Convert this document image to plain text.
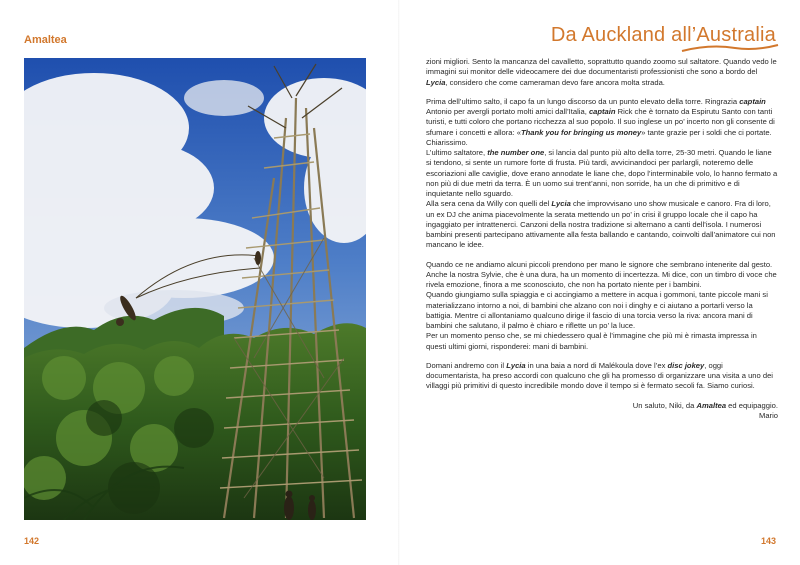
Amaltea
142
Da Auckland all’Australia
143

zioni migliori. Sento la mancanza del cavalletto, soprattutto quando zoomo sul saltatore. Quando vedo le immagini sui monitor delle videocamere dei due documentaristi professionisti che sono a bordo del Lycia, considero che come cameraman devo fare ancora molta strada.

Prima dell’ultimo salto, il capo fa un lungo discorso da un punto elevato della torre. Ringrazia captain Antonio per avergli portato molti amici dall’Italia, captain Rick che è tornato da Espirutu Santo con tanti turisti, e tutti coloro che portano ricchezza al suo popolo. Il suo inglese un po’ incerto non gli consente di sfumare i concetti e allora: «Thank you for bringing us money» tante grazie per i soldi che ci portate. Chiarissimo.

L’ultimo saltatore, the number one, si lancia dal punto più alto della torre, 25-30 metri. Quando le liane si tendono, si sente un rumore forte di frusta. Più tardi, avvicinandoci per parlargli, noteremo delle escoriazioni alle caviglie, dove erano annodate le liane che, dopo l’interminabile volo, lo hanno fermato a non più di due metri da terra. È un uomo sui trent’anni, non sorride, ha un che di primitivo e di inquietante nello sguardo.

Alla sera cena da Willy con quelli del Lycia che improvvisano uno show musicale e canoro. Fra di loro, un ex DJ che anima piacevolmente la serata mettendo un po’ in crisi il gruppo locale che il capo ha ingaggiato per intrattenerci. Canzoni della nostra tradizione si alternano a canti dell’isola. I numerosi bambini presenti partecipano attivamente alla festa ballando e cantando, coinvolti dall’animatore cui non mancano le idee.

Quando ce ne andiamo alcuni piccoli prendono per mano le signore che sembrano intenerite dal gesto. Anche la nostra Sylvie, che è una dura, ha un momento di incertezza. Mi dice, con un timbro di voce che rivela emozione, finora a me sconosciuto, che non ha portato niente per i bambini.

Quando giungiamo sulla spiaggia e ci accingiamo a mettere in acqua i gommoni, tante piccole mani si materializzano intorno a noi, di bambini che alzano con noi i dinghy e ci aiutano a portarli verso la battigia. Mentre ci allontaniamo qualcuno dirige il fascio di una torcia verso la riva: ancora mani di bambini che salutano, il palmo è chiaro e riflette un po’ la luce.

Per un momento penso che, se mi chiedessero qual è l’immagine che più mi è rimasta impressa in questi ultimi giorni, risponderei: mani di bambini.

Domani andremo con il Lycia in una baia a nord di Malékoula dove l’ex disc jokey, oggi documentarista, ha preso accordi con qualcuno che gli ha promesso di organizzare una visita a uno dei villaggi più primitivi di questo incredibile mondo dove il tempo si è fermato secoli fa. Siamo curiosi.

Un saluto, Niki, da Amaltea ed equipaggio.

Mario
